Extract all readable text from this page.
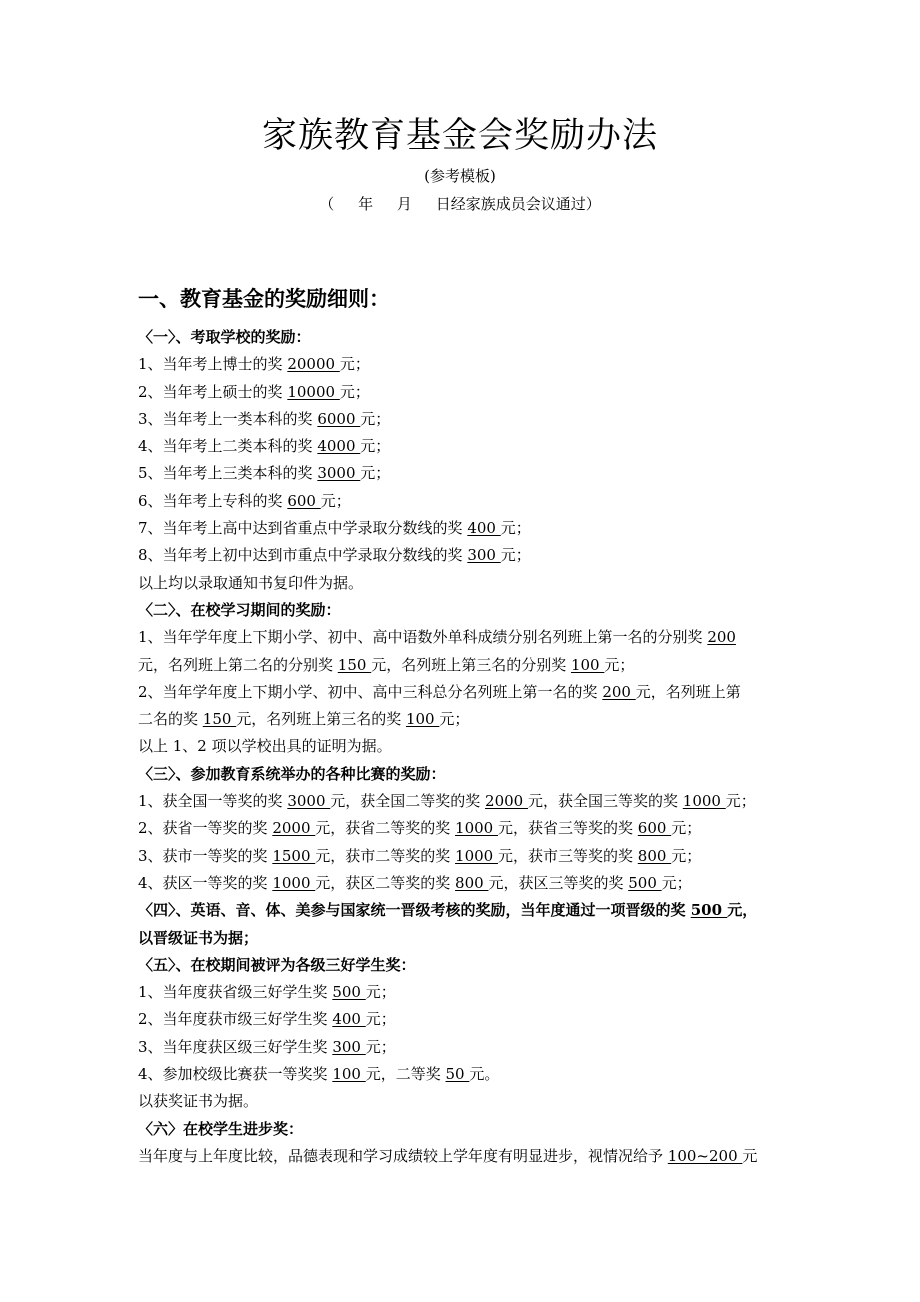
家族教育基金会奖励办法
(参考模板)
（     年     月     日经家族成员会议通过）
一、教育基金的奖励细则：
〈一〉、考取学校的奖励：
1、当年考上博士的奖 20000 元；
2、当年考上硕士的奖 10000 元；
3、当年考上一类本科的奖 6000 元；
4、当年考上二类本科的奖 4000 元；
5、当年考上三类本科的奖 3000 元；
6、当年考上专科的奖 600 元；
7、当年考上高中达到省重点中学录取分数线的奖 400 元；
8、当年考上初中达到市重点中学录取分数线的奖 300 元；
以上均以录取通知书复印件为据。
〈二〉、在校学习期间的奖励：
1、当年学年度上下期小学、初中、高中语数外单科成绩分别名列班上第一名的分别奖 200
元，名列班上第二名的分别奖 150 元，名列班上第三名的分别奖 100 元；
2、当年学年度上下期小学、初中、高中三科总分名列班上第一名的奖 200 元，名列班上第
二名的奖 150 元，名列班上第三名的奖 100 元；
以上 1、2 项以学校出具的证明为据。
〈三〉、参加教育系统举办的各种比赛的奖励：
1、获全国一等奖的奖 3000 元，获全国二等奖的奖 2000 元，获全国三等奖的奖 1000 元；
2、获省一等奖的奖 2000 元，获省二等奖的奖 1000 元，获省三等奖的奖 600 元；
3、获市一等奖的奖 1500 元，获市二等奖的奖 1000 元，获市三等奖的奖 800 元；
4、获区一等奖的奖 1000 元，获区二等奖的奖 800 元，获区三等奖的奖 500 元；
〈四〉、英语、音、体、美参与国家统一晋级考核的奖励，当年度通过一项晋级的奖 500 元，
以晋级证书为据；
〈五〉、在校期间被评为各级三好学生奖：
1、当年度获省级三好学生奖 500 元；
2、当年度获市级三好学生奖 400 元；
3、当年度获区级三好学生奖 300 元；
4、参加校级比赛获一等奖奖 100 元，二等奖 50 元。
以获奖证书为据。
〈六〉在校学生进步奖：
当年度与上年度比较，品德表现和学习成绩较上学年度有明显进步，视情况给予 100~200 元
